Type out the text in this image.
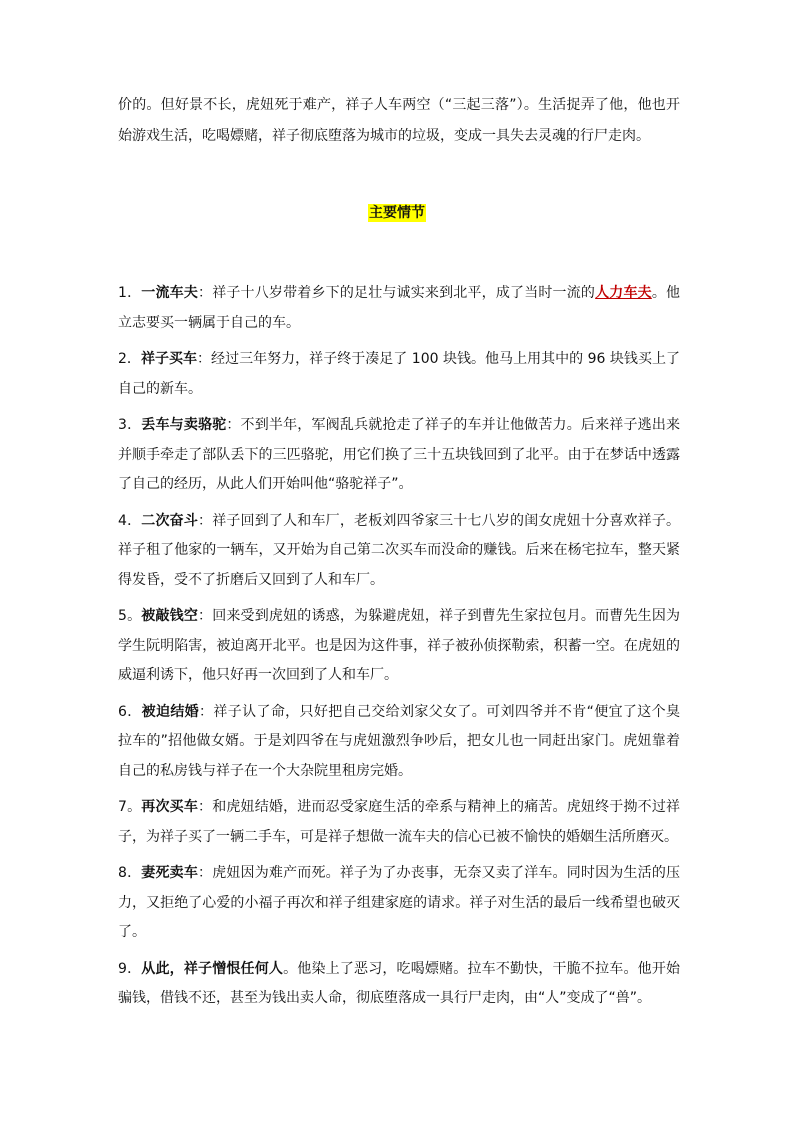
价的。但好景不长，虎妞死于难产，祥子人车两空（“三起三落”）。生活捉弄了他，他也开始游戏生活，吃喝嫖赌，祥子彻底堕落为城市的垃圾，变成一具失去灵魂的行尸走肉。

主要情节
1．一流车夫：祥子十八岁带着乡下的足壮与诚实来到北平，成了当时一流的人力车夫。他立志要买一辆属于自己的车。
2．祥子买车：经过三年努力，祥子终于凑足了 100 块钱。他马上用其中的 96 块钱买上了自己的新车。
3．丢车与卖骆驼：不到半年，军阀乱兵就抢走了祥子的车并让他做苦力。后来祥子逃出来并顺手牵走了部队丢下的三匹骆驼，用它们换了三十五块钱回到了北平。由于在梦话中透露了自己的经历，从此人们开始叫他“骆驼祥子”。
4．二次奋斗：祥子回到了人和车厂，老板刘四爷家三十七八岁的闺女虎妞十分喜欢祥子。祥子租了他家的一辆车，又开始为自己第二次买车而没命的赚钱。后来在杨宅拉车，整天紧得发昏，受不了折磨后又回到了人和车厂。
5。被敲钱空：回来受到虎妞的诱惑，为躲避虎妞，祥子到曹先生家拉包月。而曹先生因为学生阮明陷害，被迫离开北平。也是因为这件事，祥子被孙侦探勒索，积蓄一空。在虎妞的威逼利诱下，他只好再一次回到了人和车厂。
6．被迫结婚：祥子认了命，只好把自己交给刘家父女了。可刘四爷并不肯“便宜了这个臭拉车的”招他做女婿。于是刘四爷在与虎妞激烈争吵后，把女儿也一同赶出家门。虎妞靠着自己的私房钱与祥子在一个大杂院里租房完婚。
7。再次买车：和虎妞结婚，进而忍受家庭生活的牵系与精神上的痛苦。虎妞终于拗不过祥子，为祥子买了一辆二手车，可是祥子想做一流车夫的信心已被不愉快的婚姻生活所磨灭。
8．妻死卖车：虎妞因为难产而死。祥子为了办丧事，无奈又卖了洋车。同时因为生活的压力，又拒绝了心爱的小福子再次和祥子组建家庭的请求。祥子对生活的最后一线希望也破灭了。
9．从此，祥子憎恨任何人。他染上了恶习，吃喝嫖赌。拉车不勤快，干脆不拉车。他开始骗钱，借钱不还，甚至为钱出卖人命，彻底堕落成一具行尸走肉，由“人”变成了“兽”。
